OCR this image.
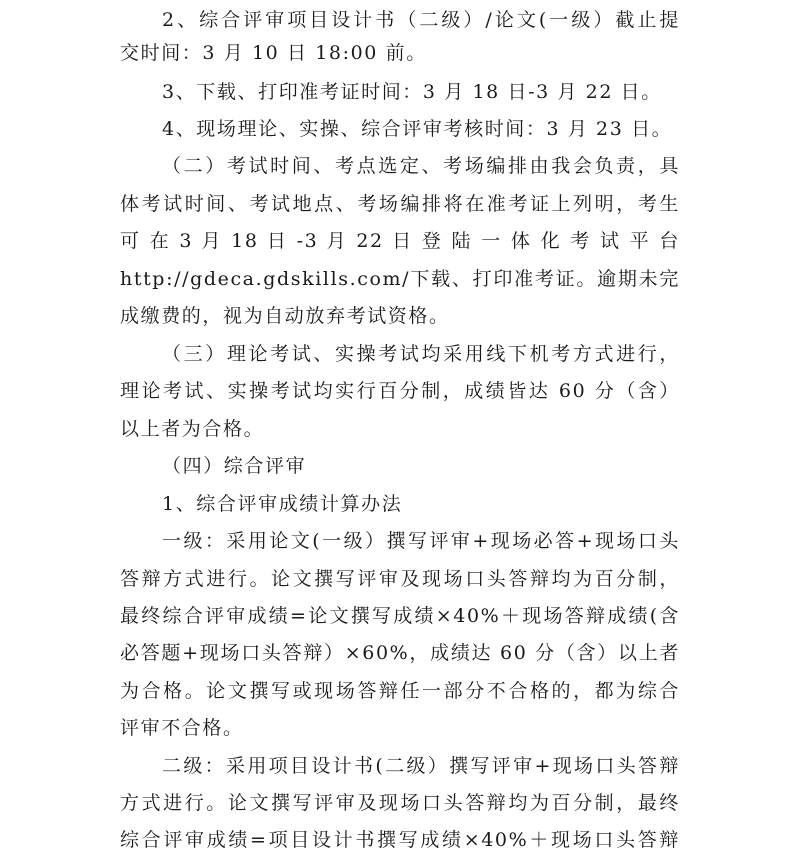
2、综合评审项目设计书（二级）/论文(一级）截止提
交时间：3 月 10 日 18:00 前。
3、下载、打印准考证时间：3 月 18 日-3 月 22 日。
4、现场理论、实操、综合评审考核时间：3 月 23 日。
（二）考试时间、考点选定、考场编排由我会负责，具
体考试时间、考试地点、考场编排将在准考证上列明，考生
可 在 3 月 18 日 -3 月 22 日 登 陆 一 体 化 考 试 平 台
http://gdeca.gdskills.com/下载、打印准考证。逾期未完
成缴费的，视为自动放弃考试资格。
（三）理论考试、实操考试均采用线下机考方式进行，
理论考试、实操考试均实行百分制，成绩皆达 60 分（含）
以上者为合格。
（四）综合评审
1、综合评审成绩计算办法
一级：采用论文(一级）撰写评审+现场必答+现场口头
答辩方式进行。论文撰写评审及现场口头答辩均为百分制，
最终综合评审成绩=论文撰写成绩×40%＋现场答辩成绩(含
必答题+现场口头答辩）×60%，成绩达 60 分（含）以上者
为合格。论文撰写或现场答辩任一部分不合格的，都为综合
评审不合格。
二级：采用项目设计书(二级）撰写评审+现场口头答辩
方式进行。论文撰写评审及现场口头答辩均为百分制，最终
综合评审成绩=项目设计书撰写成绩×40%＋现场口头答辩
